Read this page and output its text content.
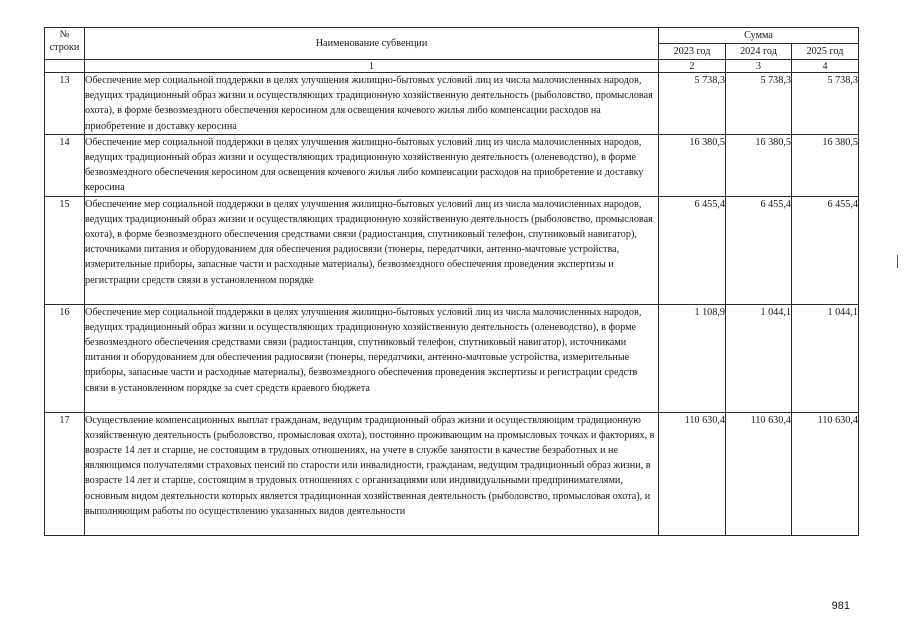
№
строки	Наименование субвенции	Сумма		
		2023 год	2024 год	2025 год
	1	2	3	4
13	Обеспечение мер социальной поддержки в целях улучшения жилищно-бытовых условий лиц из числа малочисленных народов, ведущих традиционный образ жизни и осуществляющих традиционную хозяйственную деятельность (рыболовство, промысловая охота), в форме безвозмездного обеспечения керосином для освещения кочевого жилья либо компенсации расходов на приобретение и доставку керосина	5 738,3	5 738,3	5 738,3
14	Обеспечение мер социальной поддержки в целях улучшения жилищно-бытовых условий лиц из числа малочисленных народов, ведущих традиционный образ жизни и осуществляющих традиционную хозяйственную деятельность (оленеводство), в форме безвозмездного обеспечения керосином для освещения кочевого жилья либо компенсации расходов на приобретение и доставку керосина	16 380,5	16 380,5	16 380,5
15	Обеспечение мер социальной поддержки в целях улучшения жилищно-бытовых условий лиц из числа малочисленных народов, ведущих традиционный образ жизни и осуществляющих традиционную хозяйственную деятельность (рыболовство, промысловая охота), в форме безвозмездного обеспечения средствами связи (радиостанция, спутниковый телефон, спутниковый навигатор), источниками питания и оборудованием для обеспечения радиосвязи (тюнеры, передатчики, антенно-мачтовые устройства, измерительные приборы, запасные части и расходные материалы), безвозмездного обеспечения проведения экспертизы и регистрации средств связи в установленном порядке	6 455,4	6 455,4	6 455,4
16	Обеспечение мер социальной поддержки в целях улучшения жилищно-бытовых условий лиц из числа малочисленных народов, ведущих традиционный образ жизни и осуществляющих традиционную хозяйственную деятельность (оленеводство), в форме безвозмездного обеспечения средствами связи (радиостанция, спутниковый телефон, спутниковый навигатор), источниками питания и оборудованием для обеспечения радиосвязи (тюнеры, передатчики, антенно-мачтовые устройства, измерительные приборы, запасные части и расходные материалы), безвозмездного обеспечения проведения экспертизы и регистрации средств связи в установленном порядке за счет средств краевого бюджета	1 108,9	1 044,1	1 044,1
17	Осуществление компенсационных выплат гражданам, ведущим традиционный образ жизни и осуществляющим традиционную хозяйственную деятельность (рыболовство, промысловая охота), постоянно проживающим на промысловых точках и факториях, в возрасте 14 лет и старше, не состоящим в трудовых отношениях, на учете в службе занятости в качестве безработных и не являющимся получателями страховых пенсий по старости или инвалидности, гражданам, ведущим традиционный образ жизни, в возрасте 14 лет и старше, состоящим в трудовых отношениях с организациями или индивидуальными предпринимателями, основным видом деятельности которых является традиционная хозяйственная деятельность (рыболовство, промысловая охота), и выполняющим работы по осуществлению указанных видов деятельности	110 630,4	110 630,4	110 630,4
981
